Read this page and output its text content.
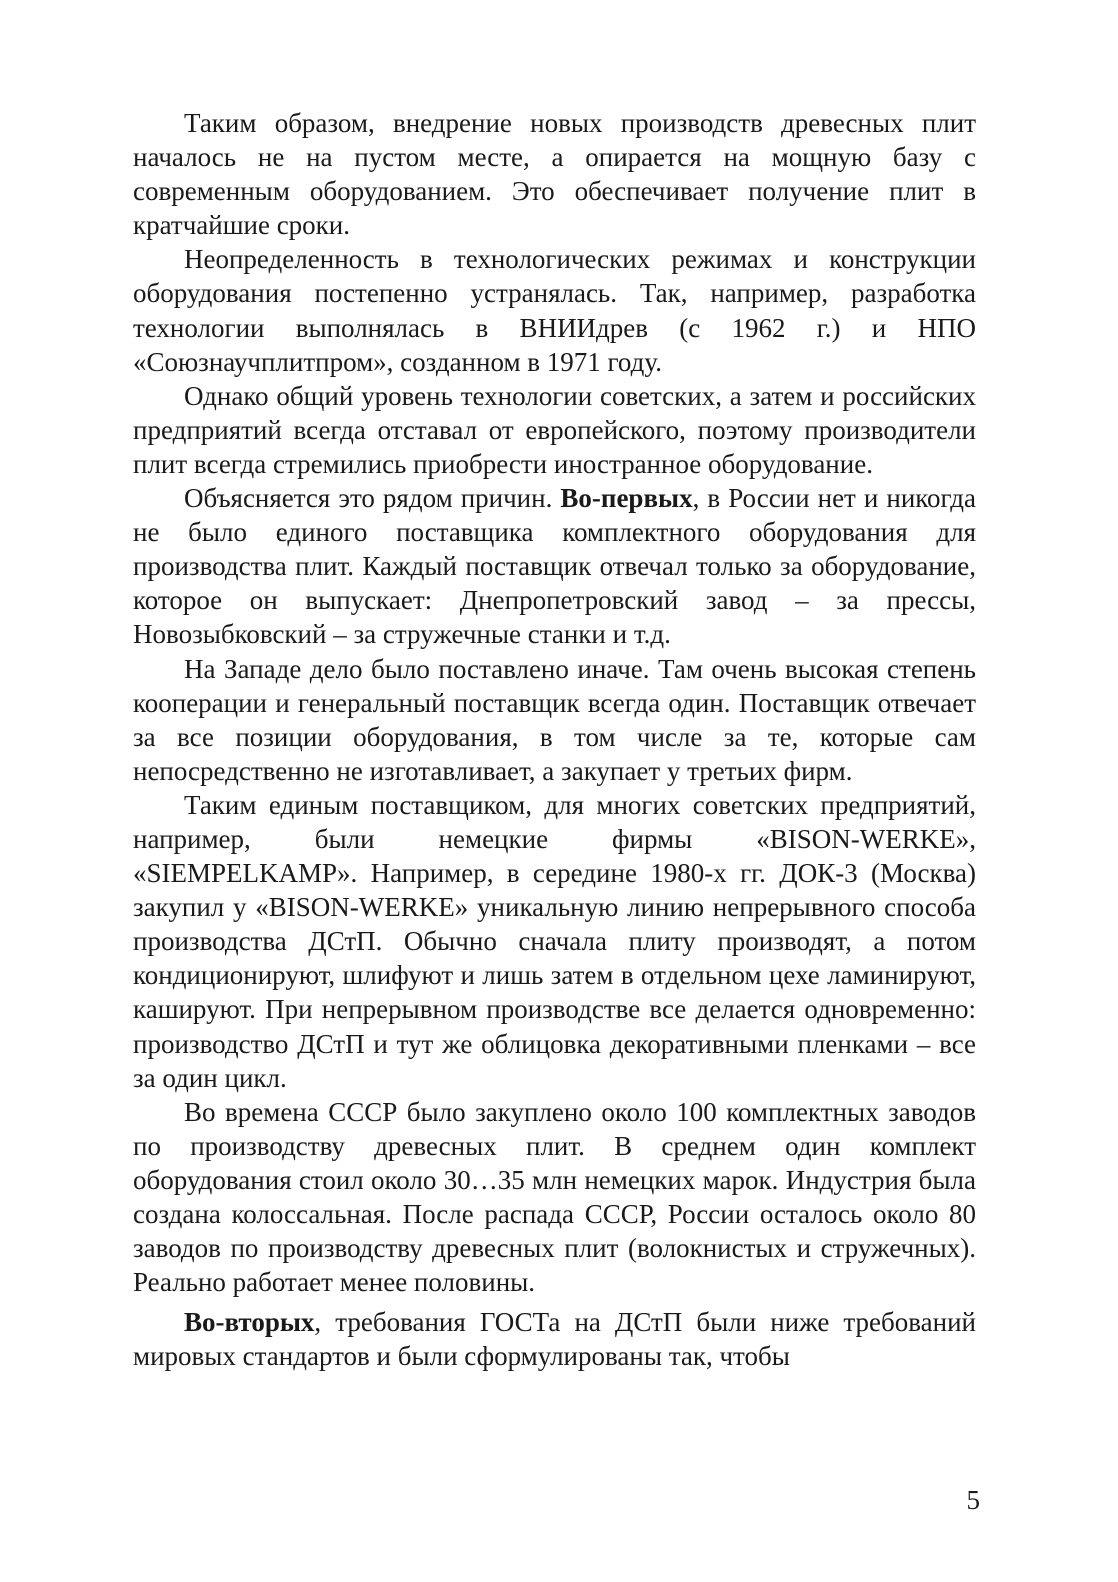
Таким образом, внедрение новых производств древесных плит началось не на пустом месте, а опирается на мощную базу с современным оборудованием. Это обеспечивает получение плит в кратчайшие сроки.

Неопределенность в технологических режимах и конструкции оборудования постепенно устранялась. Так, например, разработка технологии выполнялась в ВНИИдрев (с 1962 г.) и НПО «Союзнаучплитпром», созданном в 1971 году.

Однако общий уровень технологии советских, а затем и российских предприятий всегда отставал от европейского, поэтому производители плит всегда стремились приобрести иностранное оборудование.

Объясняется это рядом причин. Во-первых, в России нет и никогда не было единого поставщика комплектного оборудования для производства плит. Каждый поставщик отвечал только за оборудование, которое он выпускает: Днепропетровский завод – за прессы, Новозыбковский – за стружечные станки и т.д.

На Западе дело было поставлено иначе. Там очень высокая степень кооперации и генеральный поставщик всегда один. Поставщик отвечает за все позиции оборудования, в том числе за те, которые сам непосредственно не изготавливает, а закупает у третьих фирм.

Таким единым поставщиком, для многих советских предприятий, например, были немецкие фирмы «BISON-WERKE», «SIEMPELKAMP». Например, в середине 1980-х гг. ДОК-3 (Москва) закупил у «BISON-WERKE» уникальную линию непрерывного способа производства ДСтП. Обычно сначала плиту производят, а потом кондиционируют, шлифуют и лишь затем в отдельном цехе ламинируют, кашируют. При непрерывном производстве все делается одновременно: производство ДСтП и тут же облицовка декоративными пленками – все за один цикл.

Во времена СССР было закуплено около 100 комплектных заводов по производству древесных плит. В среднем один комплект оборудования стоил около 30…35 млн немецких марок. Индустрия была создана колоссальная. После распада СССР, России осталось около 80 заводов по производству древесных плит (волокнистых и стружечных). Реально работает менее половины.

Во-вторых, требования ГОСТа на ДСтП были ниже требований мировых стандартов и были сформулированы так, чтобы

5
